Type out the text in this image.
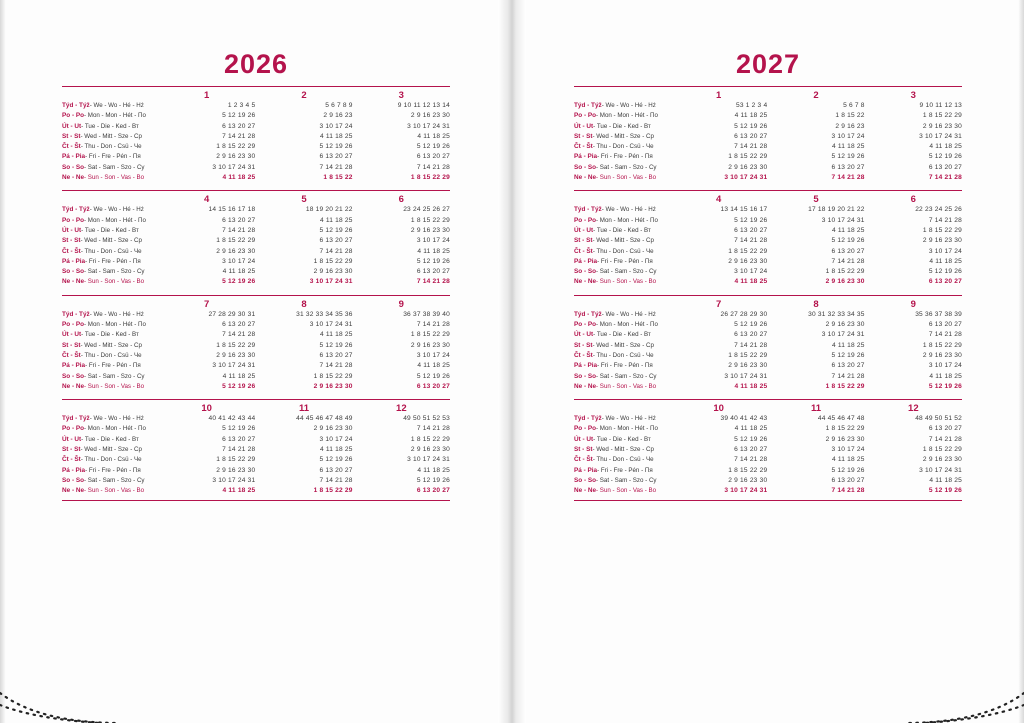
2026
1	2	3
Týd - Týž- We - Wo - Hé - Hż	1 2 3 4 5	5 6 7 8 9	9 10 11 12 13 14
Po - Po- Mon - Mon - Hét - По	5 12 19 26	2 9 16 23	2 9 16 23 30
Út - Ut- Tue - Die - Ked - Вт	6 13 20 27	3 10 17 24	3 10 17 24 31
St - St- Wed - Mitt - Sze - Ср	7 14 21 28	4 11 18 25	4 11 18 25
Čt - Št- Thu - Don - Csü - Че	1 8 15 22 29	5 12 19 26	5 12 19 26
Pá - Pia- Fri - Fre - Pén - Пя	2 9 16 23 30	6 13 20 27	6 13 20 27
So - So- Sat - Sam - Szo - Су	3 10 17 24 31	7 14 21 28	7 14 21 28
Ne - Ne- Sun - Son - Vas - Во	4 11 18 25	1 8 15 22	1 8 15 22 29
4	5	6
Týd - Týž- We - Wo - Hé - Hż	14 15 16 17 18	18 19 20 21 22	23 24 25 26 27
Po - Po- Mon - Mon - Hét - По	6 13 20 27	4 11 18 25	1 8 15 22 29
Út - Ut- Tue - Die - Ked - Вт	7 14 21 28	5 12 19 26	2 9 16 23 30
St - St- Wed - Mitt - Sze - Ср	1 8 15 22 29	6 13 20 27	3 10 17 24
Čt - Št- Thu - Don - Csü - Че	2 9 16 23 30	7 14 21 28	4 11 18 25
Pá - Pia- Fri - Fre - Pén - Пя	3 10 17 24	1 8 15 22 29	5 12 19 26
So - So- Sat - Sam - Szo - Су	4 11 18 25	2 9 16 23 30	6 13 20 27
Ne - Ne- Sun - Son - Vas - Во	5 12 19 26	3 10 17 24 31	7 14 21 28
7	8	9
Týd - Týž- We - Wo - Hé - Hż	27 28 29 30 31	31 32 33 34 35 36	36 37 38 39 40
Po - Po- Mon - Mon - Hét - По	6 13 20 27	3 10 17 24 31	7 14 21 28
Út - Ut- Tue - Die - Ked - Вт	7 14 21 28	4 11 18 25	1 8 15 22 29
St - St- Wed - Mitt - Sze - Ср	1 8 15 22 29	5 12 19 26	2 9 16 23 30
Čt - Št- Thu - Don - Csü - Че	2 9 16 23 30	6 13 20 27	3 10 17 24
Pá - Pia- Fri - Fre - Pén - Пя	3 10 17 24 31	7 14 21 28	4 11 18 25
So - So- Sat - Sam - Szo - Су	4 11 18 25	1 8 15 22 29	5 12 19 26
Ne - Ne- Sun - Son - Vas - Во	5 12 19 26	2 9 16 23 30	6 13 20 27
10	11	12
Týd - Týž- We - Wo - Hé - Hż	40 41 42 43 44	44 45 46 47 48 49	49 50 51 52 53
Po - Po- Mon - Mon - Hét - По	5 12 19 26	2 9 16 23 30	7 14 21 28
Út - Ut- Tue - Die - Ked - Вт	6 13 20 27	3 10 17 24	1 8 15 22 29
St - St- Wed - Mitt - Sze - Ср	7 14 21 28	4 11 18 25	2 9 16 23 30
Čt - Št- Thu - Don - Csü - Че	1 8 15 22 29	5 12 19 26	3 10 17 24 31
Pá - Pia- Fri - Fre - Pén - Пя	2 9 16 23 30	6 13 20 27	4 11 18 25
So - So- Sat - Sam - Szo - Су	3 10 17 24 31	7 14 21 28	5 12 19 26
Ne - Ne- Sun - Son - Vas - Во	4 11 18 25	1 8 15 22 29	6 13 20 27
2027
1	2	3
Týd - Týž- We - Wo - Hé - Hż	53 1 2 3 4	5 6 7 8	9 10 11 12 13
Po - Po- Mon - Mon - Hét - По	4 11 18 25	1 8 15 22	1 8 15 22 29
Út - Ut- Tue - Die - Ked - Вт	5 12 19 26	2 9 16 23	2 9 16 23 30
St - St- Wed - Mitt - Sze - Ср	6 13 20 27	3 10 17 24	3 10 17 24 31
Čt - Št- Thu - Don - Csü - Че	7 14 21 28	4 11 18 25	4 11 18 25
Pá - Pia- Fri - Fre - Pén - Пя	1 8 15 22 29	5 12 19 26	5 12 19 26
So - So- Sat - Sam - Szo - Су	2 9 16 23 30	6 13 20 27	6 13 20 27
Ne - Ne- Sun - Son - Vas - Во	3 10 17 24 31	7 14 21 28	7 14 21 28
4	5	6
Týd - Týž- We - Wo - Hé - Hż	13 14 15 16 17	17 18 19 20 21 22	22 23 24 25 26
Po - Po- Mon - Mon - Hét - По	5 12 19 26	3 10 17 24 31	7 14 21 28
Út - Ut- Tue - Die - Ked - Вт	6 13 20 27	4 11 18 25	1 8 15 22 29
St - St- Wed - Mitt - Sze - Ср	7 14 21 28	5 12 19 26	2 9 16 23 30
Čt - Št- Thu - Don - Csü - Че	1 8 15 22 29	6 13 20 27	3 10 17 24
Pá - Pia- Fri - Fre - Pén - Пя	2 9 16 23 30	7 14 21 28	4 11 18 25
So - So- Sat - Sam - Szo - Су	3 10 17 24	1 8 15 22 29	5 12 19 26
Ne - Ne- Sun - Son - Vas - Во	4 11 18 25	2 9 16 23 30	6 13 20 27
7	8	9
Týd - Týž- We - Wo - Hé - Hż	26 27 28 29 30	30 31 32 33 34 35	35 36 37 38 39
Po - Po- Mon - Mon - Hét - По	5 12 19 26	2 9 16 23 30	6 13 20 27
Út - Ut- Tue - Die - Ked - Вт	6 13 20 27	3 10 17 24 31	7 14 21 28
St - St- Wed - Mitt - Sze - Ср	7 14 21 28	4 11 18 25	1 8 15 22 29
Čt - Št- Thu - Don - Csü - Че	1 8 15 22 29	5 12 19 26	2 9 16 23 30
Pá - Pia- Fri - Fre - Pén - Пя	2 9 16 23 30	6 13 20 27	3 10 17 24
So - So- Sat - Sam - Szo - Су	3 10 17 24 31	7 14 21 28	4 11 18 25
Ne - Ne- Sun - Son - Vas - Во	4 11 18 25	1 8 15 22 29	5 12 19 26
10	11	12
Týd - Týž- We - Wo - Hé - Hż	39 40 41 42 43	44 45 46 47 48	48 49 50 51 52
Po - Po- Mon - Mon - Hét - По	4 11 18 25	1 8 15 22 29	6 13 20 27
Út - Ut- Tue - Die - Ked - Вт	5 12 19 26	2 9 16 23 30	7 14 21 28
St - St- Wed - Mitt - Sze - Ср	6 13 20 27	3 10 17 24	1 8 15 22 29
Čt - Št- Thu - Don - Csü - Че	7 14 21 28	4 11 18 25	2 9 16 23 30
Pá - Pia- Fri - Fre - Pén - Пя	1 8 15 22 29	5 12 19 26	3 10 17 24 31
So - So- Sat - Sam - Szo - Су	2 9 16 23 30	6 13 20 27	4 11 18 25
Ne - Ne- Sun - Son - Vas - Во	3 10 17 24 31	7 14 21 28	5 12 19 26
